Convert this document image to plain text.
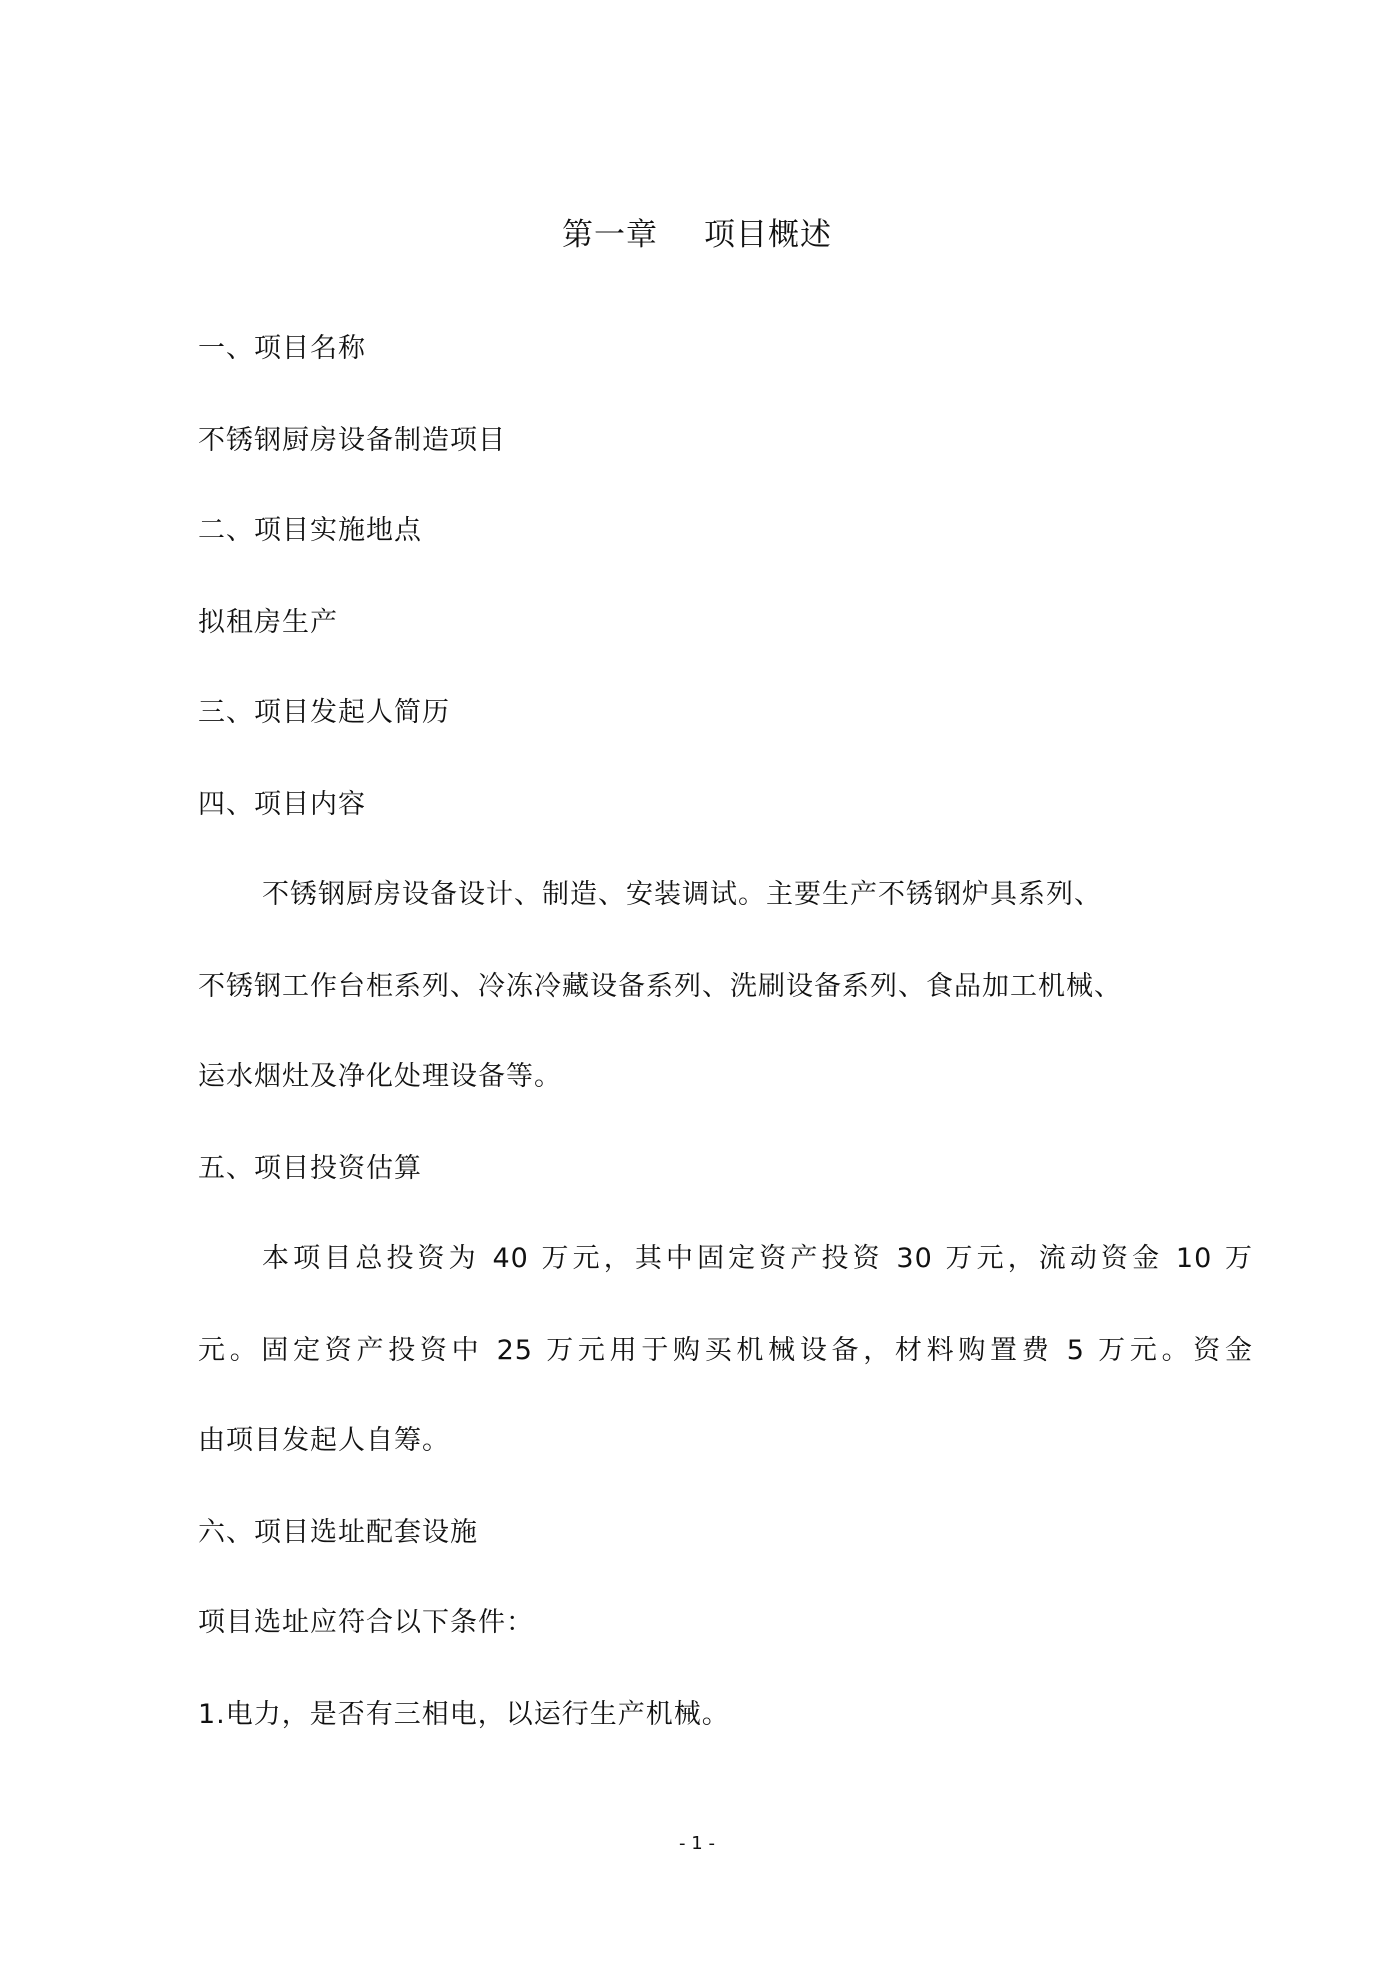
第一章 项目概述
一、项目名称
不锈钢厨房设备制造项目
二、项目实施地点
拟租房生产
三、项目发起人简历
四、项目内容
不锈钢厨房设备设计、制造、安装调试。主要生产不锈钢炉具系列、
不锈钢工作台柜系列、冷冻冷藏设备系列、洗刷设备系列、食品加工机械、
运水烟灶及净化处理设备等。
五、项目投资估算
本项目总投资为 40 万元，其中固定资产投资 30 万元，流动资金 10 万
元。固定资产投资中 25 万元用于购买机械设备，材料购置费 5 万元。资金
由项目发起人自筹。
六、项目选址配套设施
项目选址应符合以下条件：
1.电力，是否有三相电，以运行生产机械。
- 1 -
